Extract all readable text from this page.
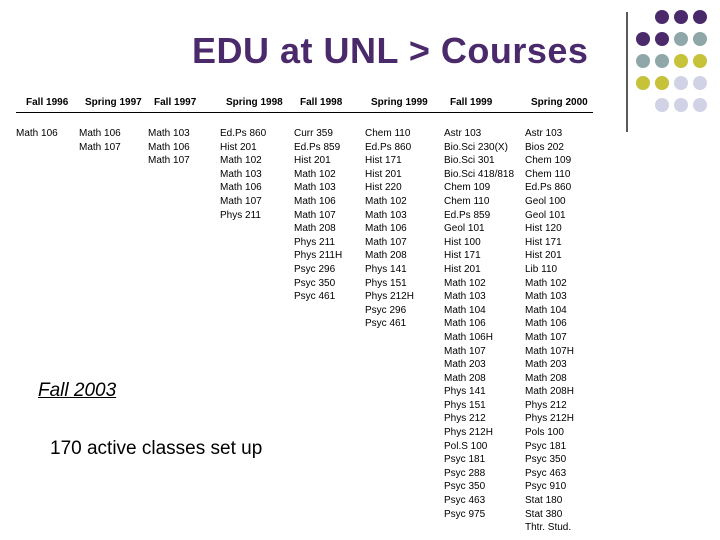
EDU at UNL > Courses
Fall 1996
Math 106
Spring 1997
Math 106
Math 107
Fall 1997
Math 103
Math 106
Math 107
Spring 1998
Ed.Ps 860
Hist 201
Math 102
Math 103
Math 106
Math 107
Phys 211
Fall 1998
Curr 359
Ed.Ps 859
Hist 201
Math 102
Math 103
Math 106
Math 107
Math 208
Phys 211
Phys 211H
Psyc 296
Psyc 350
Psyc 461
Spring 1999
Chem 110
Ed.Ps 860
Hist 171
Hist 201
Hist 220
Math 102
Math 103
Math 106
Math 107
Math 208
Phys 141
Phys 151
Phys 212H
Psyc 296
Psyc 461
Fall 1999
Astr 103
Bio.Sci 230(X)
Bio.Sci 301
Bio.Sci 418/818
Chem 109
Chem 110
Ed.Ps 859
Geol 101
Hist 100
Hist 171
Hist 201
Math 102
Math 103
Math 104
Math 106
Math 106H
Math 107
Math 203
Math 208
Phys 141
Phys 151
Phys 212
Phys 212H
Pol.S 100
Psyc 181
Psyc 288
Psyc 350
Psyc 463
Psyc 975
Spring 2000
Astr 103
Bios 202
Chem 109
Chem 110
Ed.Ps 860
Geol 100
Geol 101
Hist 120
Hist 171
Hist 201
Lib 110
Math 102
Math 103
Math 104
Math 106
Math 107
Math 107H
Math 203
Math 208
Math 208H
Phys 212
Phys 212H
Pols 100
Psyc 181
Psyc 350
Psyc 463
Psyc 910
Stat 180
Stat 380
Thtr. Stud.
Fall 2003
170 active classes set up
